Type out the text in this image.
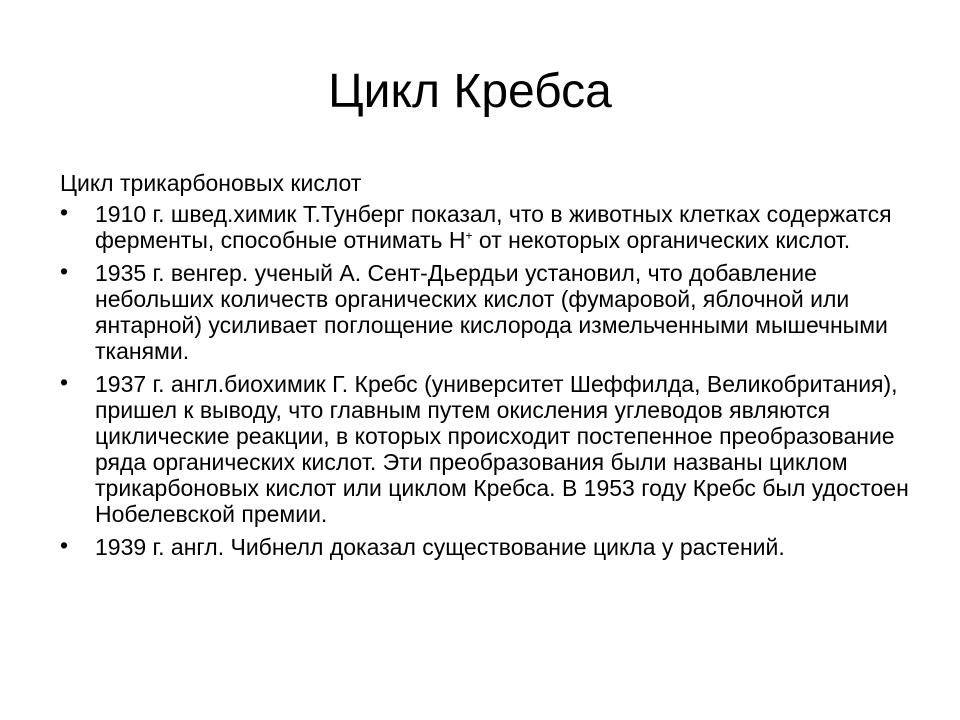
Цикл Кребса

Цикл трикарбоновых кислот

• 1910 г. швед.химик Т.Тунберг показал, что в животных клетках содержатся ферменты, способные отнимать Н+ от некоторых органических кислот.
• 1935 г. венгер. ученый А. Сент-Дьердьи установил, что добавление небольших количеств органических кислот (фумаровой, яблочной или янтарной) усиливает поглощение кислорода измельченными мышечными тканями.
• 1937 г. англ.биохимик Г. Кребс (университет Шеффилда, Великобритания), пришел к выводу, что главным путем окисления углеводов являются циклические реакции, в которых происходит постепенное преобразование ряда органических кислот. Эти преобразования были названы циклом трикарбоновых кислот или циклом Кребса. В 1953 году Кребс был удостоен Нобелевской премии.
• 1939 г. англ. Чибнелл доказал существование цикла у растений.
